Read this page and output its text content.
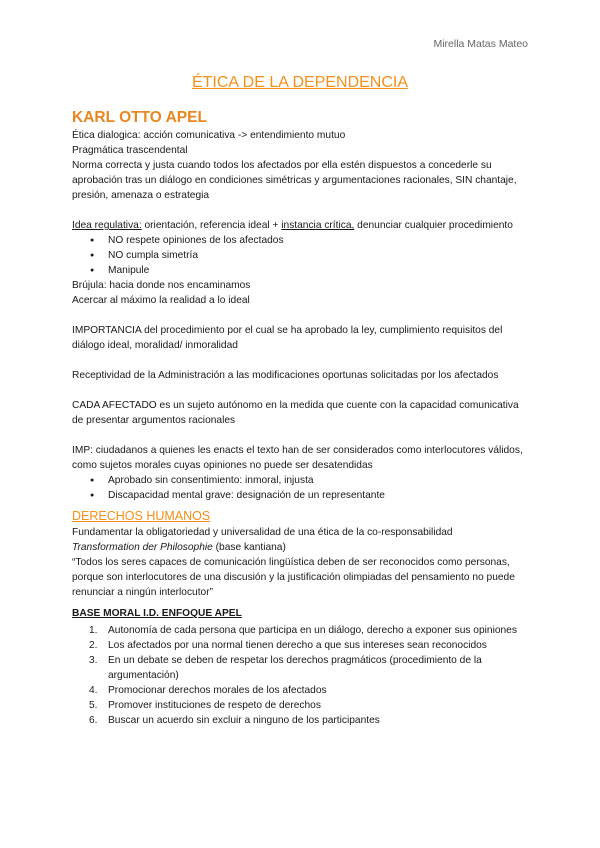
Mirella Matas Mateo
ÉTICA DE LA DEPENDENCIA
KARL OTTO APEL

Ética dialogica: acción comunicativa -> entendimiento mutuo

Pragmática trascendental

Norma correcta y justa cuando todos los afectados por ella estén dispuestos a concederle su aprobación tras un diálogo en condiciones simétricas y argumentaciones racionales, SIN chantaje, presión, amenaza o estrategia

Idea regulativa: orientación, referencia ideal + instancia crítica, denunciar cualquier procedimiento

● NO respete opiniones de los afectados
● NO cumpla simetría
● Manipule

Brújula: hacia donde nos encaminamos

Acercar al máximo la realidad a lo ideal

IMPORTANCIA del procedimiento por el cual se ha aprobado la ley, cumplimiento requisitos del diálogo ideal, moralidad/ inmoralidad

Receptividad de la Administración a las modificaciones oportunas solicitadas por los afectados

CADA AFECTADO es un sujeto autónomo en la medida que cuente con la capacidad comunicativa de presentar argumentos racionales

IMP: ciudadanos a quienes les enacts el texto han de ser considerados como interlocutores válidos, como sujetos morales cuyas opiniones no puede ser desatendidas

● Aprobado sin consentimiento: inmoral, injusta
● Discapacidad mental grave: designación de un representante
DERECHOS HUMANOS

Fundamentar la obligatoriedad y universalidad de una ética de la co-responsabilidad

Transformation der Philosophie (base kantiana)

“Todos los seres capaces de comunicación lingüística deben de ser reconocidos como personas, porque son interlocutores de una discusión y la justificación olimpiadas del pensamiento no puede renunciar a ningún interlocutor”

BASE MORAL I.D. ENFOQUE APEL
1. Autonomía de cada persona que participa en un diálogo, derecho a exponer sus opiniones
2. Los afectados por una normal tienen derecho a que sus intereses sean reconocidos
3. En un debate se deben de respetar los derechos pragmáticos (procedimiento de la argumentación)
4. Promocionar derechos morales de los afectados
5. Promover instituciones de respeto de derechos
6. Buscar un acuerdo sin excluir a ninguno de los participantes
